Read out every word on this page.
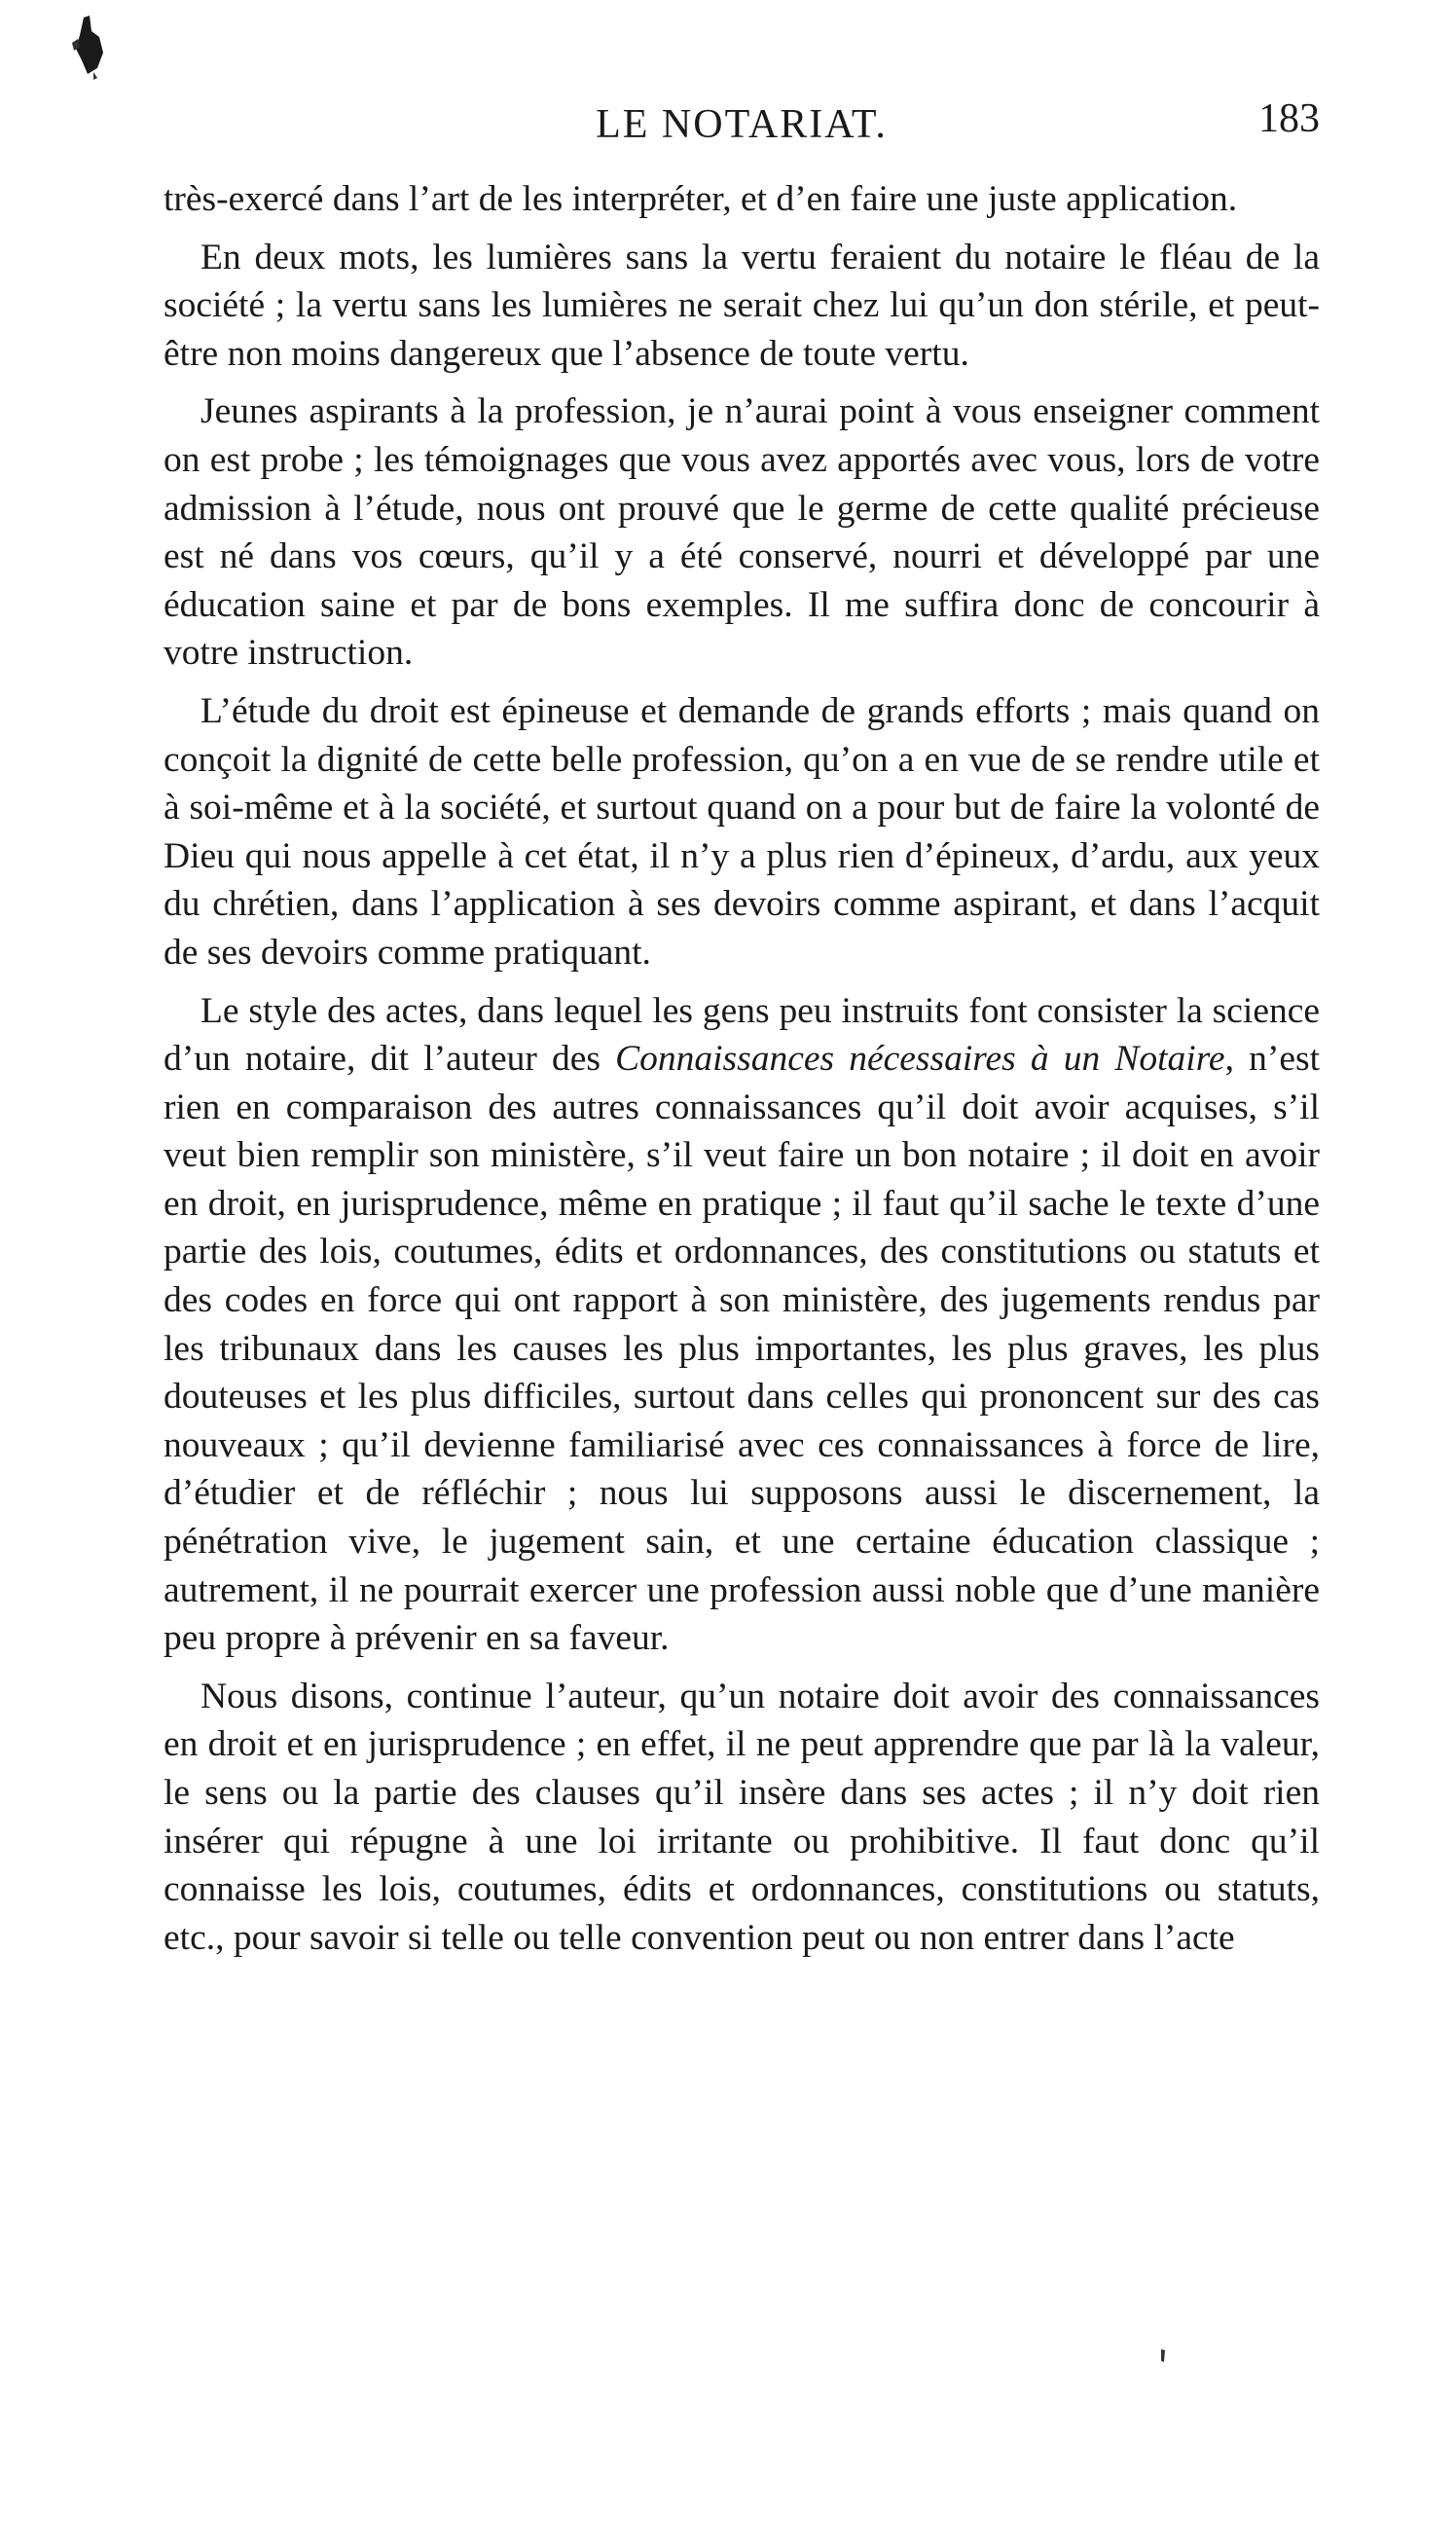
LE NOTARIAT.	183

très-exercé dans l’art de les interpréter, et d’en faire une juste application.

En deux mots, les lumières sans la vertu feraient du notaire le fléau de la société ; la vertu sans les lumières ne serait chez lui qu’un don stérile, et peut-être non moins dangereux que l’absence de toute vertu.

Jeunes aspirants à la profession, je n’aurai point à vous enseigner comment on est probe ; les témoignages que vous avez apportés avec vous, lors de votre admission à l’étude, nous ont prouvé que le germe de cette qualité précieuse est né dans vos cœurs, qu’il y a été conservé, nourri et développé par une éducation saine et par de bons exemples. Il me suffira donc de concourir à votre instruction.

L’étude du droit est épineuse et demande de grands efforts ; mais quand on conçoit la dignité de cette belle profession, qu’on a en vue de se rendre utile et à soi-même et à la société, et surtout quand on a pour but de faire la volonté de Dieu qui nous appelle à cet état, il n’y a plus rien d’épineux, d’ardu, aux yeux du chrétien, dans l’application à ses devoirs comme aspirant, et dans l’acquit de ses devoirs comme pratiquant.

Le style des actes, dans lequel les gens peu instruits font consister la science d’un notaire, dit l’auteur des Connaissances nécessaires à un Notaire, n’est rien en comparaison des autres connaissances qu’il doit avoir acquises, s’il veut bien remplir son ministère, s’il veut faire un bon notaire ; il doit en avoir en droit, en jurisprudence, même en pratique ; il faut qu’il sache le texte d’une partie des lois, coutumes, édits et ordonnances, des constitutions ou statuts et des codes en force qui ont rapport à son ministère, des jugements rendus par les tribunaux dans les causes les plus importantes, les plus graves, les plus douteuses et les plus difficiles, surtout dans celles qui prononcent sur des cas nouveaux ; qu’il devienne familiarisé avec ces connaissances à force de lire, d’étudier et de réfléchir ; nous lui supposons aussi le discernement, la pénétration vive, le jugement sain, et une certaine éducation classique ; autrement, il ne pourrait exercer une profession aussi noble que d’une manière peu propre à prévenir en sa faveur.

Nous disons, continue l’auteur, qu’un notaire doit avoir des connaissances en droit et en jurisprudence ; en effet, il ne peut apprendre que par là la valeur, le sens ou la partie des clauses qu’il insère dans ses actes ; il n’y doit rien insérer qui répugne à une loi irritante ou prohibitive. Il faut donc qu’il connaisse les lois, coutumes, édits et ordonnances, constitutions ou statuts, etc., pour savoir si telle ou telle convention peut ou non entrer dans l’acte
